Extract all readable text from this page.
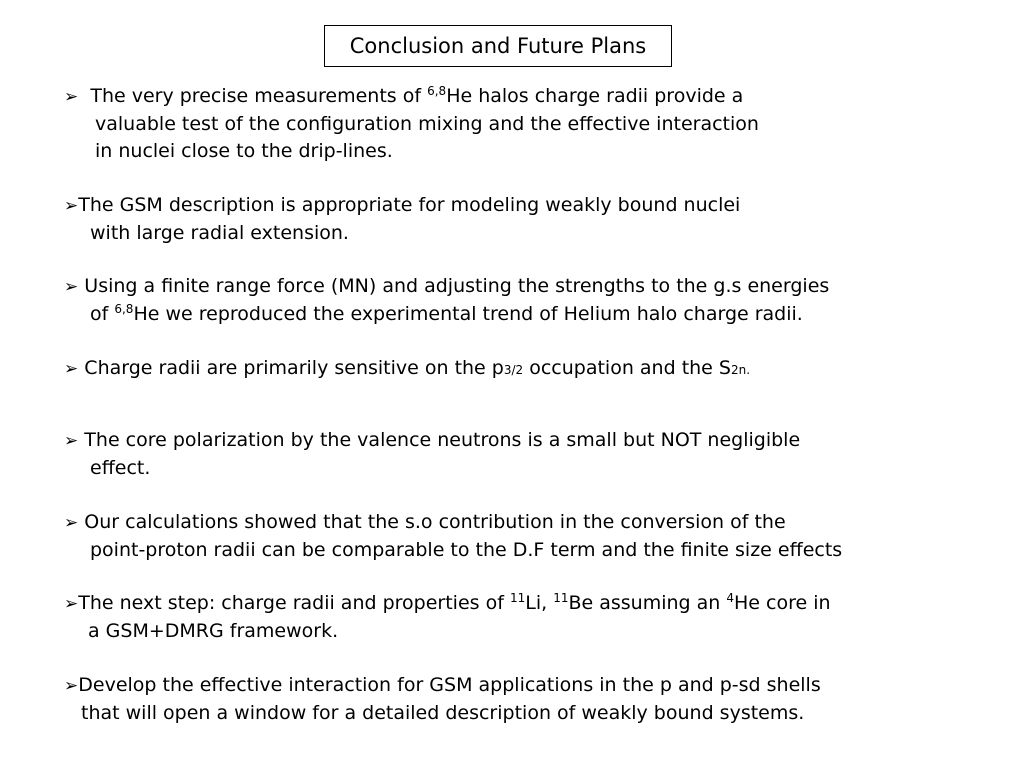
Conclusion and Future Plans
➢ The very precise measurements of $^{6,8}$He halos charge radii provide a
valuable test of the configuration mixing and the effective interaction
in nuclei close to the drip-lines.
➢The GSM description is appropriate for modeling weakly bound nuclei
with large radial extension.
➢ Using a finite range force (MN) and adjusting the strengths to the g.s energies
of $^{6,8}$He we reproduced the experimental trend of Helium halo charge radii.
➢ Charge radii are primarily sensitive on the p3/2 occupation and the S2n.
➢ The core polarization by the valence neutrons is a small but NOT negligible
effect.
➢ Our calculations showed that the s.o contribution in the conversion of the
point-proton radii can be comparable to the D.F term and the finite size effects
➢The next step: charge radii and properties of $^{11}$Li, $^{11}$Be assuming an $^4$He core in
a GSM+DMRG framework.
➢Develop the effective interaction for GSM applications in the p and p-sd shells
that will open a window for a detailed description of weakly bound systems.
